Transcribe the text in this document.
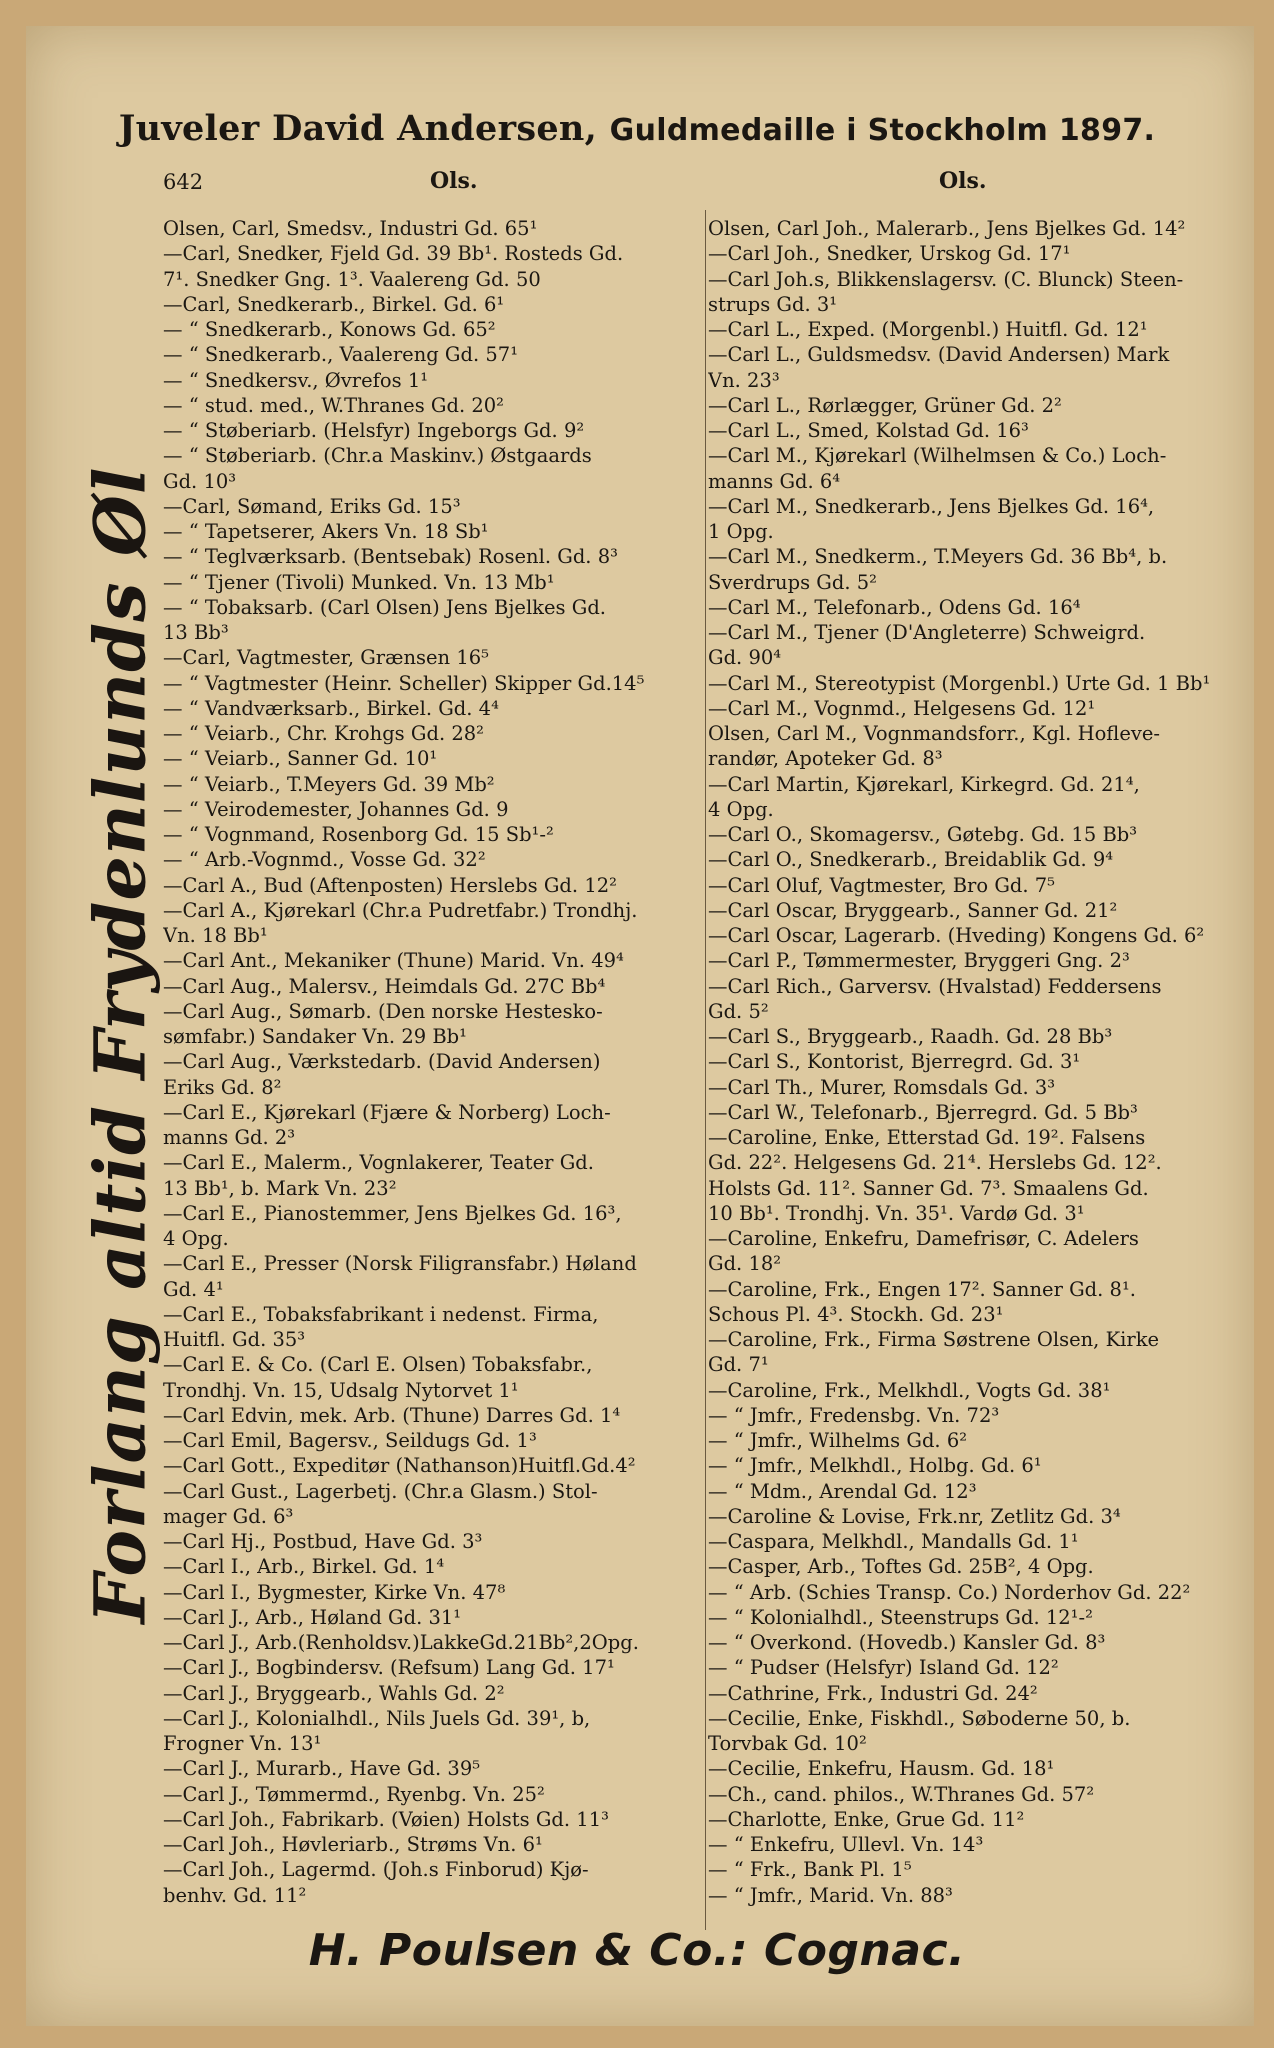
Juveler David Andersen, Guldmedaille i Stockholm 1897.
642	Ols.	Ols.
Forlang altid Frydenlunds Øl
Olsen, Carl, Smedsv., Industri Gd. 65¹
—Carl, Snedker, Fjeld Gd. 39 Bb¹. Rosteds Gd.
7¹. Snedker Gng. 1³. Vaalereng Gd. 50
—Carl, Snedkerarb., Birkel. Gd. 6¹
— “ Snedkerarb., Konows Gd. 65²
— “ Snedkerarb., Vaalereng Gd. 57¹
— “ Snedkersv., Øvrefos 1¹
— “ stud. med., W.Thranes Gd. 20²
— “ Støberiarb. (Helsfyr) Ingeborgs Gd. 9²
— “ Støberiarb. (Chr.a Maskinv.) Østgaards
Gd. 10³
—Carl, Sømand, Eriks Gd. 15³
— “ Tapetserer, Akers Vn. 18 Sb¹
— “ Teglværksarb. (Bentsebak) Rosenl. Gd. 8³
— “ Tjener (Tivoli) Munked. Vn. 13 Mb¹
— “ Tobaksarb. (Carl Olsen) Jens Bjelkes Gd.
13 Bb³
—Carl, Vagtmester, Grænsen 16⁵
— “ Vagtmester (Heinr. Scheller) Skipper Gd.14⁵
— “ Vandværksarb., Birkel. Gd. 4⁴
— “ Veiarb., Chr. Krohgs Gd. 28²
— “ Veiarb., Sanner Gd. 10¹
— “ Veiarb., T.Meyers Gd. 39 Mb²
— “ Veirodemester, Johannes Gd. 9
— “ Vognmand, Rosenborg Gd. 15 Sb¹-²
— “ Arb.-Vognmd., Vosse Gd. 32²
—Carl A., Bud (Aftenposten) Herslebs Gd. 12²
—Carl A., Kjørekarl (Chr.a Pudretfabr.) Trondhj.
Vn. 18 Bb¹
—Carl Ant., Mekaniker (Thune) Marid. Vn. 49⁴
—Carl Aug., Malersv., Heimdals Gd. 27C Bb⁴
—Carl Aug., Sømarb. (Den norske Hestesko-
sømfabr.) Sandaker Vn. 29 Bb¹
—Carl Aug., Værkstedarb. (David Andersen)
Eriks Gd. 8²
—Carl E., Kjørekarl (Fjære & Norberg) Loch-
manns Gd. 2³
—Carl E., Malerm., Vognlakerer, Teater Gd.
13 Bb¹, b. Mark Vn. 23²
—Carl E., Pianostemmer, Jens Bjelkes Gd. 16³,
4 Opg.
—Carl E., Presser (Norsk Filigransfabr.) Høland
Gd. 4¹
—Carl E., Tobaksfabrikant i nedenst. Firma,
Huitfl. Gd. 35³
—Carl E. & Co. (Carl E. Olsen) Tobaksfabr.,
Trondhj. Vn. 15, Udsalg Nytorvet 1¹
—Carl Edvin, mek. Arb. (Thune) Darres Gd. 1⁴
—Carl Emil, Bagersv., Seildugs Gd. 1³
—Carl Gott., Expeditør (Nathanson)Huitfl.Gd.4²
—Carl Gust., Lagerbetj. (Chr.a Glasm.) Stol-
mager Gd. 6³
—Carl Hj., Postbud, Have Gd. 3³
—Carl I., Arb., Birkel. Gd. 1⁴
—Carl I., Bygmester, Kirke Vn. 47⁸
—Carl J., Arb., Høland Gd. 31¹
—Carl J., Arb.(Renholdsv.)LakkeGd.21Bb²,2Opg.
—Carl J., Bogbindersv. (Refsum) Lang Gd. 17¹
—Carl J., Bryggearb., Wahls Gd. 2²
—Carl J., Kolonialhdl., Nils Juels Gd. 39¹, b,
Frogner Vn. 13¹
—Carl J., Murarb., Have Gd. 39⁵
—Carl J., Tømmermd., Ryenbg. Vn. 25²
—Carl Joh., Fabrikarb. (Vøien) Holsts Gd. 11³
—Carl Joh., Høvleriarb., Strøms Vn. 6¹
—Carl Joh., Lagermd. (Joh.s Finborud) Kjø-
benhv. Gd. 11²
Olsen, Carl Joh., Malerarb., Jens Bjelkes Gd. 14²
—Carl Joh., Snedker, Urskog Gd. 17¹
—Carl Joh.s, Blikkenslagersv. (C. Blunck) Steen-
strups Gd. 3¹
—Carl L., Exped. (Morgenbl.) Huitfl. Gd. 12¹
—Carl L., Guldsmedsv. (David Andersen) Mark
Vn. 23³
—Carl L., Rørlægger, Grüner Gd. 2²
—Carl L., Smed, Kolstad Gd. 16³
—Carl M., Kjørekarl (Wilhelmsen & Co.) Loch-
manns Gd. 6⁴
—Carl M., Snedkerarb., Jens Bjelkes Gd. 16⁴,
1 Opg.
—Carl M., Snedkerm., T.Meyers Gd. 36 Bb⁴, b.
Sverdrups Gd. 5²
—Carl M., Telefonarb., Odens Gd. 16⁴
—Carl M., Tjener (D'Angleterre) Schweigrd.
Gd. 90⁴
—Carl M., Stereotypist (Morgenbl.) Urte Gd. 1 Bb¹
—Carl M., Vognmd., Helgesens Gd. 12¹
Olsen, Carl M., Vognmandsforr., Kgl. Hofleve-
randør, Apoteker Gd. 8³
—Carl Martin, Kjørekarl, Kirkegrd. Gd. 21⁴,
4 Opg.
—Carl O., Skomagersv., Gøtebg. Gd. 15 Bb³
—Carl O., Snedkerarb., Breidablik Gd. 9⁴
—Carl Oluf, Vagtmester, Bro Gd. 7⁵
—Carl Oscar, Bryggearb., Sanner Gd. 21²
—Carl Oscar, Lagerarb. (Hveding) Kongens Gd. 6²
—Carl P., Tømmermester, Bryggeri Gng. 2³
—Carl Rich., Garversv. (Hvalstad) Feddersens
Gd. 5²
—Carl S., Bryggearb., Raadh. Gd. 28 Bb³
—Carl S., Kontorist, Bjerregrd. Gd. 3¹
—Carl Th., Murer, Romsdals Gd. 3³
—Carl W., Telefonarb., Bjerregrd. Gd. 5 Bb³
—Caroline, Enke, Etterstad Gd. 19². Falsens
Gd. 22². Helgesens Gd. 21⁴. Herslebs Gd. 12².
Holsts Gd. 11². Sanner Gd. 7³. Smaalens Gd.
10 Bb¹. Trondhj. Vn. 35¹. Vardø Gd. 3¹
—Caroline, Enkefru, Damefrisør, C. Adelers
Gd. 18²
—Caroline, Frk., Engen 17². Sanner Gd. 8¹.
Schous Pl. 4³. Stockh. Gd. 23¹
—Caroline, Frk., Firma Søstrene Olsen, Kirke
Gd. 7¹
—Caroline, Frk., Melkhdl., Vogts Gd. 38¹
— “ Jmfr., Fredensbg. Vn. 72³
— “ Jmfr., Wilhelms Gd. 6²
— “ Jmfr., Melkhdl., Holbg. Gd. 6¹
— “ Mdm., Arendal Gd. 12³
—Caroline & Lovise, Frk.nr, Zetlitz Gd. 3⁴
—Caspara, Melkhdl., Mandalls Gd. 1¹
—Casper, Arb., Toftes Gd. 25B², 4 Opg.
— “ Arb. (Schies Transp. Co.) Norderhov Gd. 22²
— “ Kolonialhdl., Steenstrups Gd. 12¹-²
— “ Overkond. (Hovedb.) Kansler Gd. 8³
— “ Pudser (Helsfyr) Island Gd. 12²
—Cathrine, Frk., Industri Gd. 24²
—Cecilie, Enke, Fiskhdl., Søboderne 50, b.
Torvbak Gd. 10²
—Cecilie, Enkefru, Hausm. Gd. 18¹
—Ch., cand. philos., W.Thranes Gd. 57²
—Charlotte, Enke, Grue Gd. 11²
— “ Enkefru, Ullevl. Vn. 14³
— “ Frk., Bank Pl. 1⁵
— “ Jmfr., Marid. Vn. 88³
H. Poulsen & Co.: Cognac.
